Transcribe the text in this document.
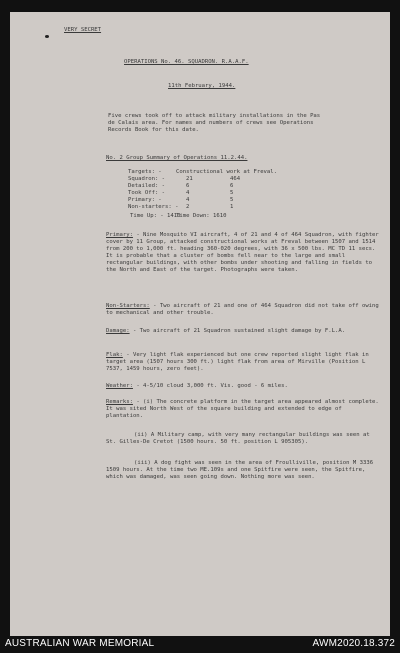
VERY SECRET
OPERATIONS No. 46. SQUADRON. R.A.A.F.
11th February, 1944.
Five crews took off to attack military installations in the Pas de Calais area. For names and numbers of crews see Operations Records Book for this date.
No. 2 Group Summary of Operations 11.2.44.
Targets: -	Constructional work at Freval.
Squadron: -	21	464
Detailed: -	6	6
Took Off: -	4	5
Primary: -	4	5
Non-starters: -	2	1
Time Up: - 1410
Time Down: 1610
Primary: - Nine Mosquito VI aircraft, 4 of 21 and 4 of 464 Squadron, with fighter cover by 11 Group, attacked constructional works at Freval between 1507 and 1514 from 200 to 1,000 ft. heading 360-020 degrees, with 36 x 500 lbs. MC TD 11 secs. It is probable that a cluster of bombs fell near to the large and small rectangular buildings, with other bombs under shooting and falling in fields to the North and East of the target. Photographs were taken.
Non-Starters: - Two aircraft of 21 and one of 464 Squadron did not take off owing to mechanical and other trouble.
Damage: - Two aircraft of 21 Squadron sustained slight damage by F.L.A.
Flak: - Very light flak experienced but one crew reported slight light flak in target area (1507 hours 300 ft.) light flak from area of Mirville (Position L 7537, 1459 hours, zero feet).
Weather: - 4-5/10 cloud 3,000 ft. Vis. good - 6 miles.
Remarks: - (i) The concrete platform in the target area appeared almost complete. It was sited North West of the square building and extended to edge of plantation.
(ii) A Military camp, with very many rectangular buildings was seen at St. Gilles-De Cretot (1500 hours. 50 ft. position L 905305).
(iii) A dog fight was seen in the area of Froulliville, position M 3336 1509 hours. At the time two ME.109s and one Spitfire were seen, the Spitfire, which was damaged, was seen going down. Nothing more was seen.
AUSTRALIAN WAR MEMORIAL	AWM2020.18.372
